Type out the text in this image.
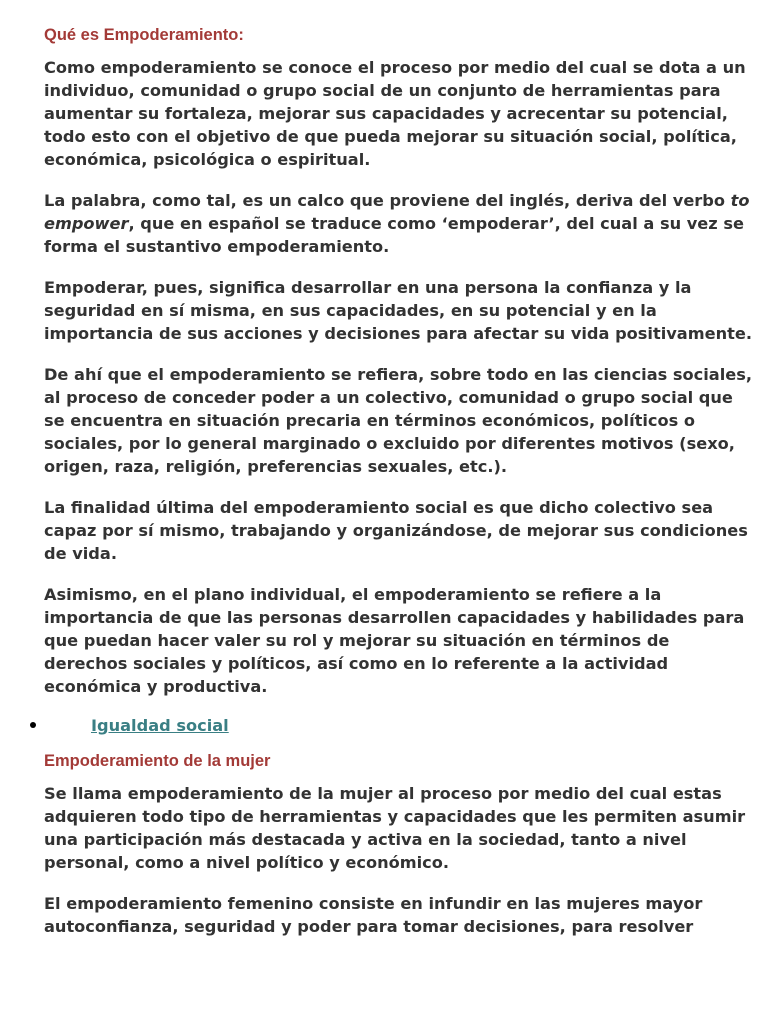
Qué es Empoderamiento:

Como empoderamiento se conoce el proceso por medio del cual se dota a un individuo, comunidad o grupo social de un conjunto de herramientas para aumentar su fortaleza, mejorar sus capacidades y acrecentar su potencial, todo esto con el objetivo de que pueda mejorar su situación social, política, económica, psicológica o espiritual.

La palabra, como tal, es un calco que proviene del inglés, deriva del verbo to empower, que en español se traduce como ‘empoderar’, del cual a su vez se forma el sustantivo empoderamiento.

Empoderar, pues, significa desarrollar en una persona la confianza y la seguridad en sí misma, en sus capacidades, en su potencial y en la importancia de sus acciones y decisiones para afectar su vida positivamente.

De ahí que el empoderamiento se refiera, sobre todo en las ciencias sociales, al proceso de conceder poder a un colectivo, comunidad o grupo social que se encuentra en situación precaria en términos económicos, políticos o sociales, por lo general marginado o excluido por diferentes motivos (sexo, origen, raza, religión, preferencias sexuales, etc.).

La finalidad última del empoderamiento social es que dicho colectivo sea capaz por sí mismo, trabajando y organizándose, de mejorar sus condiciones de vida.

Asimismo, en el plano individual, el empoderamiento se refiere a la importancia de que las personas desarrollen capacidades y habilidades para que puedan hacer valer su rol y mejorar su situación en términos de derechos sociales y políticos, así como en lo referente a la actividad económica y productiva.

Igualdad social
Empoderamiento de la mujer

Se llama empoderamiento de la mujer al proceso por medio del cual estas adquieren todo tipo de herramientas y capacidades que les permiten asumir una participación más destacada y activa en la sociedad, tanto a nivel personal, como a nivel político y económico.

El empoderamiento femenino consiste en infundir en las mujeres mayor autoconfianza, seguridad y poder para tomar decisiones, para resolver
